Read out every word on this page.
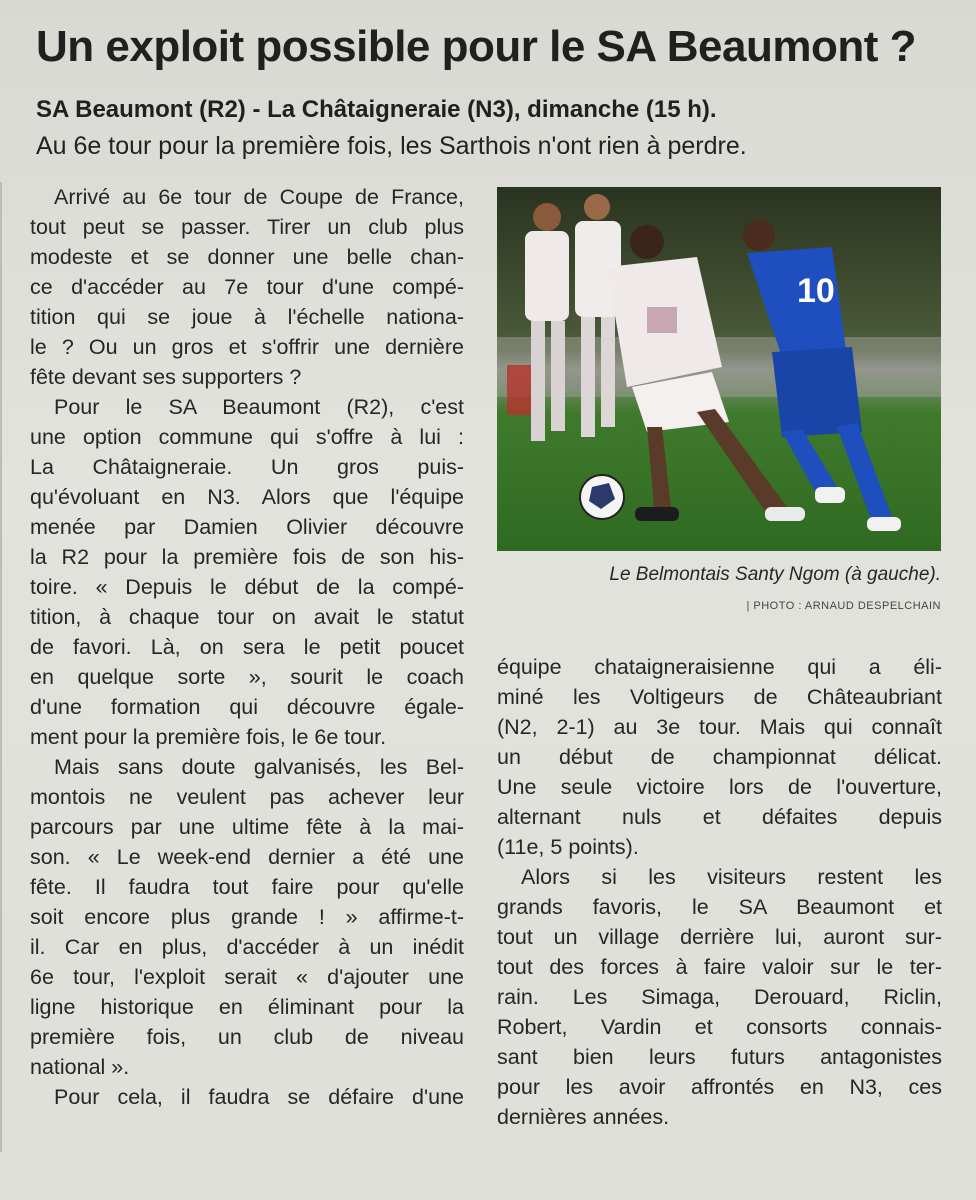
Un exploit possible pour le SA Beaumont ?
SA Beaumont (R2) - La Châtaigneraie (N3), dimanche (15 h).
Au 6e tour pour la première fois, les Sarthois n'ont rien à perdre.
Arrivé au 6e tour de Coupe de France,
tout peut se passer. Tirer un club plus
modeste et se donner une belle chan-
ce d'accéder au 7e tour d'une compé-
tition qui se joue à l'échelle nationa-
le ? Ou un gros et s'offrir une dernière
fête devant ses supporters ?
Pour le SA Beaumont (R2), c'est
une option commune qui s'offre à lui :
La Châtaigneraie. Un gros puis-
qu'évoluant en N3. Alors que l'équipe
menée par Damien Olivier découvre
la R2 pour la première fois de son his-
toire. « Depuis le début de la compé-
tition, à chaque tour on avait le statut
de favori. Là, on sera le petit poucet
en quelque sorte », sourit le coach
d'une formation qui découvre égale-
ment pour la première fois, le 6e tour.
Mais sans doute galvanisés, les Bel-
montois ne veulent pas achever leur
parcours par une ultime fête à la mai-
son. « Le week-end dernier a été une
fête. Il faudra tout faire pour qu'elle
soit encore plus grande ! » affirme-t-
il. Car en plus, d'accéder à un inédit
6e tour, l'exploit serait « d'ajouter une
ligne historique en éliminant pour la
première fois, un club de niveau
national ».
Pour cela, il faudra se défaire d'une
10
Le Belmontais Santy Ngom (à gauche).
| PHOTO : ARNAUD DESPELCHAIN
équipe chataigneraisienne qui a éli-
miné les Voltigeurs de Châteaubriant
(N2, 2-1) au 3e tour. Mais qui connaît
un début de championnat délicat.
Une seule victoire lors de l'ouverture,
alternant nuls et défaites depuis
(11e, 5 points).
Alors si les visiteurs restent les
grands favoris, le SA Beaumont et
tout un village derrière lui, auront sur-
tout des forces à faire valoir sur le ter-
rain. Les Simaga, Derouard, Riclin,
Robert, Vardin et consorts connais-
sant bien leurs futurs antagonistes
pour les avoir affrontés en N3, ces
dernières années.
